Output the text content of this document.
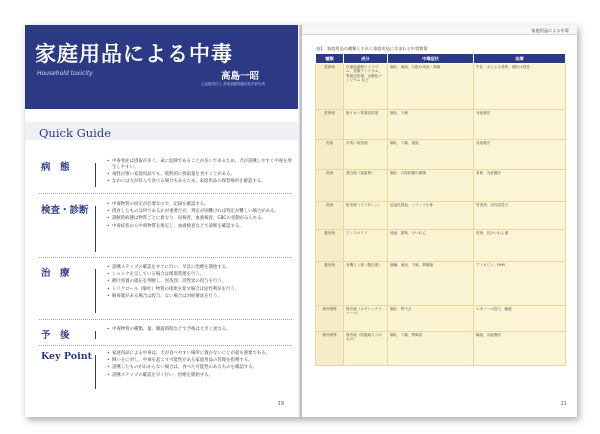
家庭用品による中毒
Household toxicity	高島一昭
公益財団法人 鳥取県動物臨床医学研究所
Quick Guide
病　態
• 中毒発症は摂取が多く、命に危険であることが多いであるため、犬が誤嚥しやすく中毒を発生しやすい。
• 毒性が強い家庭用品でも、純粋的に摂取量を食すことがある。
• なかには犬が好んで食べる場合もあるため、家庭用品の保管場所を確認する。
検査・診断
• 中毒物質の同定が必要なので、記録を確認する。
• 摂食したものは何であるかが重要だが、判定が困難ければ特定が難しい場合がある。
• 診断的病態は物質ごとに異なり、尿検査、血液検査、CBCの変動がみられる。
• 中毒症状から中毒物質を推定し、血液検査などで診断を確認する。
治　療
• 誤嚥ステップの確認をすぐに行い、早急に治療を開始する。
• ショックを呈している場合は循環管理を行う。
• 催吐処置の適応を判断し、胃洗浄、活性炭の投与を行う。
• トリクロール（嘔吐）物質の排泄を促す場合は尿性利尿を行う。
• 解毒薬がある場合は投与、ない場合は対症療法を行う。
予　後
• 中毒物質の種類、量、曝露時間などで予後は大きく異なる。
Key Point	• 家庭用品による中毒は、犬が食べやすい場所に置かないことが最も重要である。
• 飼い主に対し、中毒を起こす可能性がある家庭用品の管理を指導する。
• 誤嚥したものがわからない場合は、食べた可能性のあるものを確認する。
• 誤嚥ステップの確認を早く行い、治療を開始する。
19
家庭用品による中毒
表1　家庭用品の種類とそれら家庭用品に含まれる中毒物質
種類	成分	中毒症状	治療
洗浄剤	次亜塩素酸ナトリウム、炭酸ナトリウム、界面活性剤、水酸化ナトリウム など	嘔吐、流涎、口腔の炎症・潰瘍	牛乳・水による希釈、催吐は禁忌
洗浄剤	陰イオン界面活性剤	嘔吐、下痢	対症療法
洗剤	手洗い用洗剤	嘔吐、下痢、流涎	対症療法
洗剤	漂白剤（塩素系）	嘔吐、口腔粘膜の損傷	希釈、対症療法
洗剤	防虫剤（ナフタレン）	溶血性貧血、ハインツ小体	胃洗浄、活性炭投与
殺虫剤	ピレスロイド	流涎、振戦、けいれん	洗浄、抗けいれん薬
殺虫剤	有機リン剤（殺虫剤）	縮瞳、流涎、下痢、筋攣縮	アトロピン、PAM
保冷剤等	保冷剤（エチレングリコール）	嘔吐、腎不全	エタノール投与、輸液
保冷剤等	保冷剤（防腐剤入りのもの）	嘔吐、下痢、腎障害	輸液、対症療法
21
